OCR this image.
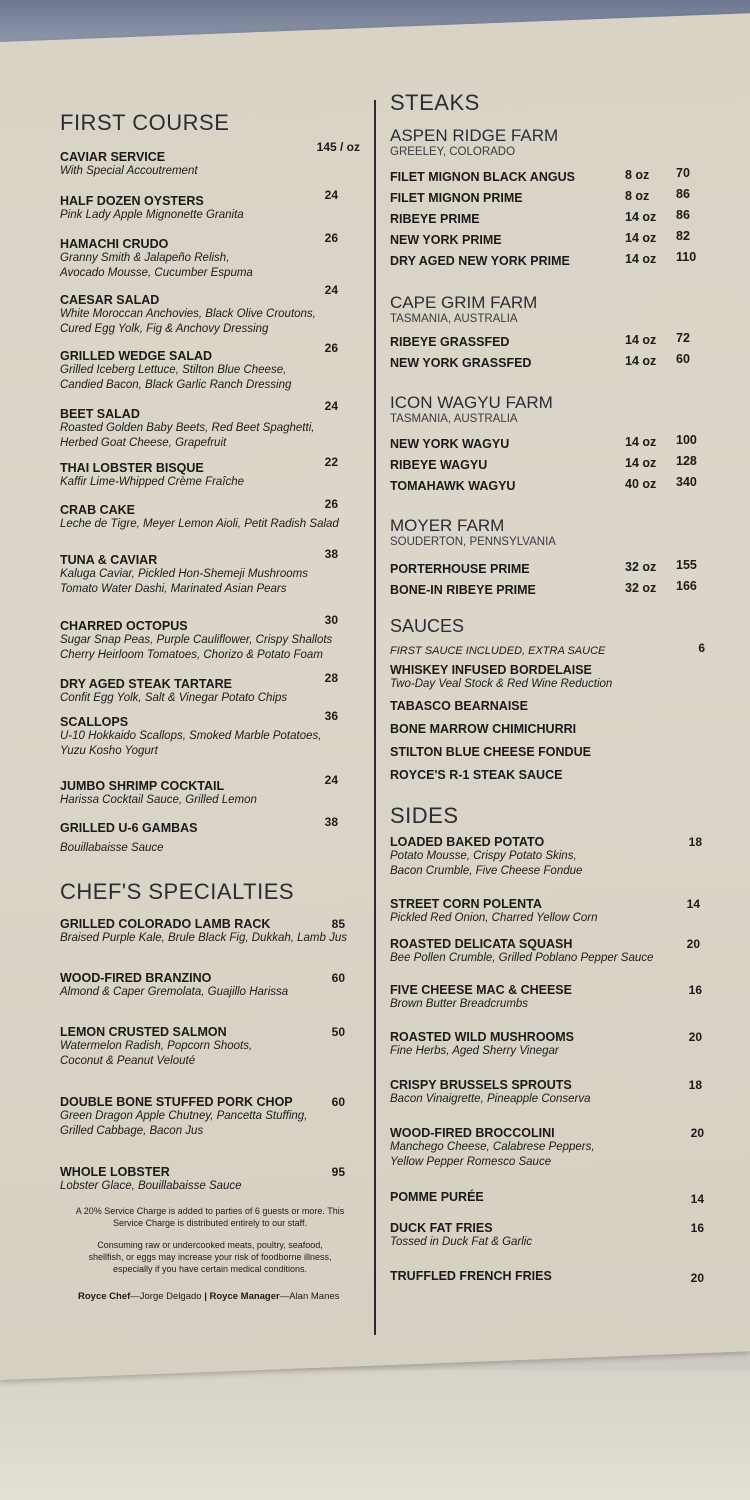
FIRST COURSE
CAVIAR SERVICE
With Special Accoutrement
145 / oz
HALF DOZEN OYSTERS
Pink Lady Apple Mignonette Granita
24
HAMACHI CRUDO
Granny Smith & Jalapeño Relish, Avocado Mousse, Cucumber Espuma
26
CAESAR SALAD
White Moroccan Anchovies, Black Olive Croutons, Cured Egg Yolk, Fig & Anchovy Dressing
24
GRILLED WEDGE SALAD
Grilled Iceberg Lettuce, Stilton Blue Cheese, Candied Bacon, Black Garlic Ranch Dressing
26
BEET SALAD
Roasted Golden Baby Beets, Red Beet Spaghetti, Herbed Goat Cheese, Grapefruit
24
THAI LOBSTER BISQUE
Kaffir Lime-Whipped Crème Fraîche
22
CRAB CAKE
Leche de Tigre, Meyer Lemon Aioli, Petit Radish Salad
26
TUNA & CAVIAR
Kaluga Caviar, Pickled Hon-Shemeji Mushrooms Tomato Water Dashi, Marinated Asian Pears
38
CHARRED OCTOPUS
Sugar Snap Peas, Purple Cauliflower, Crispy Shallots Cherry Heirloom Tomatoes, Chorizo & Potato Foam
30
DRY AGED STEAK TARTARE
Confit Egg Yolk, Salt & Vinegar Potato Chips
28
SCALLOPS
U-10 Hokkaido Scallops, Smoked Marble Potatoes, Yuzu Kosho Yogurt
36
JUMBO SHRIMP COCKTAIL
Harissa Cocktail Sauce, Grilled Lemon
24
GRILLED U-6 GAMBAS
Bouillabaisse Sauce
38
CHEF'S SPECIALTIES
GRILLED COLORADO LAMB RACK
Braised Purple Kale, Brule Black Fig, Dukkah, Lamb Jus
85
WOOD-FIRED BRANZINO
Almond & Caper Gremolata, Guajillo Harissa
60
LEMON CRUSTED SALMON
Watermelon Radish, Popcorn Shoots, Coconut & Peanut Velouté
50
DOUBLE BONE STUFFED PORK CHOP
Green Dragon Apple Chutney, Pancetta Stuffing, Grilled Cabbage, Bacon Jus
60
WHOLE LOBSTER
Lobster Glace, Bouillabaisse Sauce
95
A 20% Service Charge is added to parties of 6 guests or more. This Service Charge is distributed entirely to our staff.
Consuming raw or undercooked meats, poultry, seafood, shellfish, or eggs may increase your risk of foodborne illness, especially if you have certain medical conditions.
Royce Chef—Jorge Delgado | Royce Manager—Alan Manes
STEAKS
ASPEN RIDGE FARM
GREELEY, COLORADO
FILET MIGNON BLACK ANGUS	8 oz 70
FILET MIGNON PRIME	8 oz 86
RIBEYE PRIME	14 oz 86
NEW YORK PRIME	14 oz 82
DRY AGED NEW YORK PRIME	14 oz 110
CAPE GRIM FARM
TASMANIA, AUSTRALIA
RIBEYE GRASSFED	14 oz 72
NEW YORK GRASSFED	14 oz 60
ICON WAGYU FARM
TASMANIA, AUSTRALIA
NEW YORK WAGYU	14 oz 100
RIBEYE WAGYU	14 oz 128
TOMAHAWK WAGYU	40 oz 340
MOYER FARM
SOUDERTON, PENNSYLVANIA
PORTERHOUSE PRIME	32 oz 155
BONE-IN RIBEYE PRIME	32 oz 166
SAUCES
FIRST SAUCE INCLUDED, EXTRA SAUCE	6
WHISKEY INFUSED BORDELAISE
Two-Day Veal Stock & Red Wine Reduction
TABASCO BEARNAISE
BONE MARROW CHIMICHURRI
STILTON BLUE CHEESE FONDUE
ROYCE'S R-1 STEAK SAUCE
SIDES
LOADED BAKED POTATO
Potato Mousse, Crispy Potato Skins, Bacon Crumble, Five Cheese Fondue
18
STREET CORN POLENTA
Pickled Red Onion, Charred Yellow Corn
14
ROASTED DELICATA SQUASH
Bee Pollen Crumble, Grilled Poblano Pepper Sauce
20
FIVE CHEESE MAC & CHEESE
Brown Butter Breadcrumbs
16
ROASTED WILD MUSHROOMS
Fine Herbs, Aged Sherry Vinegar
20
CRISPY BRUSSELS SPROUTS
Bacon Vinaigrette, Pineapple Conserva
18
WOOD-FIRED BROCCOLINI
Manchego Cheese, Calabrese Peppers, Yellow Pepper Romesco Sauce
20
POMME PURÉE	14
DUCK FAT FRIES
Tossed in Duck Fat & Garlic
16
TRUFFLED FRENCH FRIES	20
